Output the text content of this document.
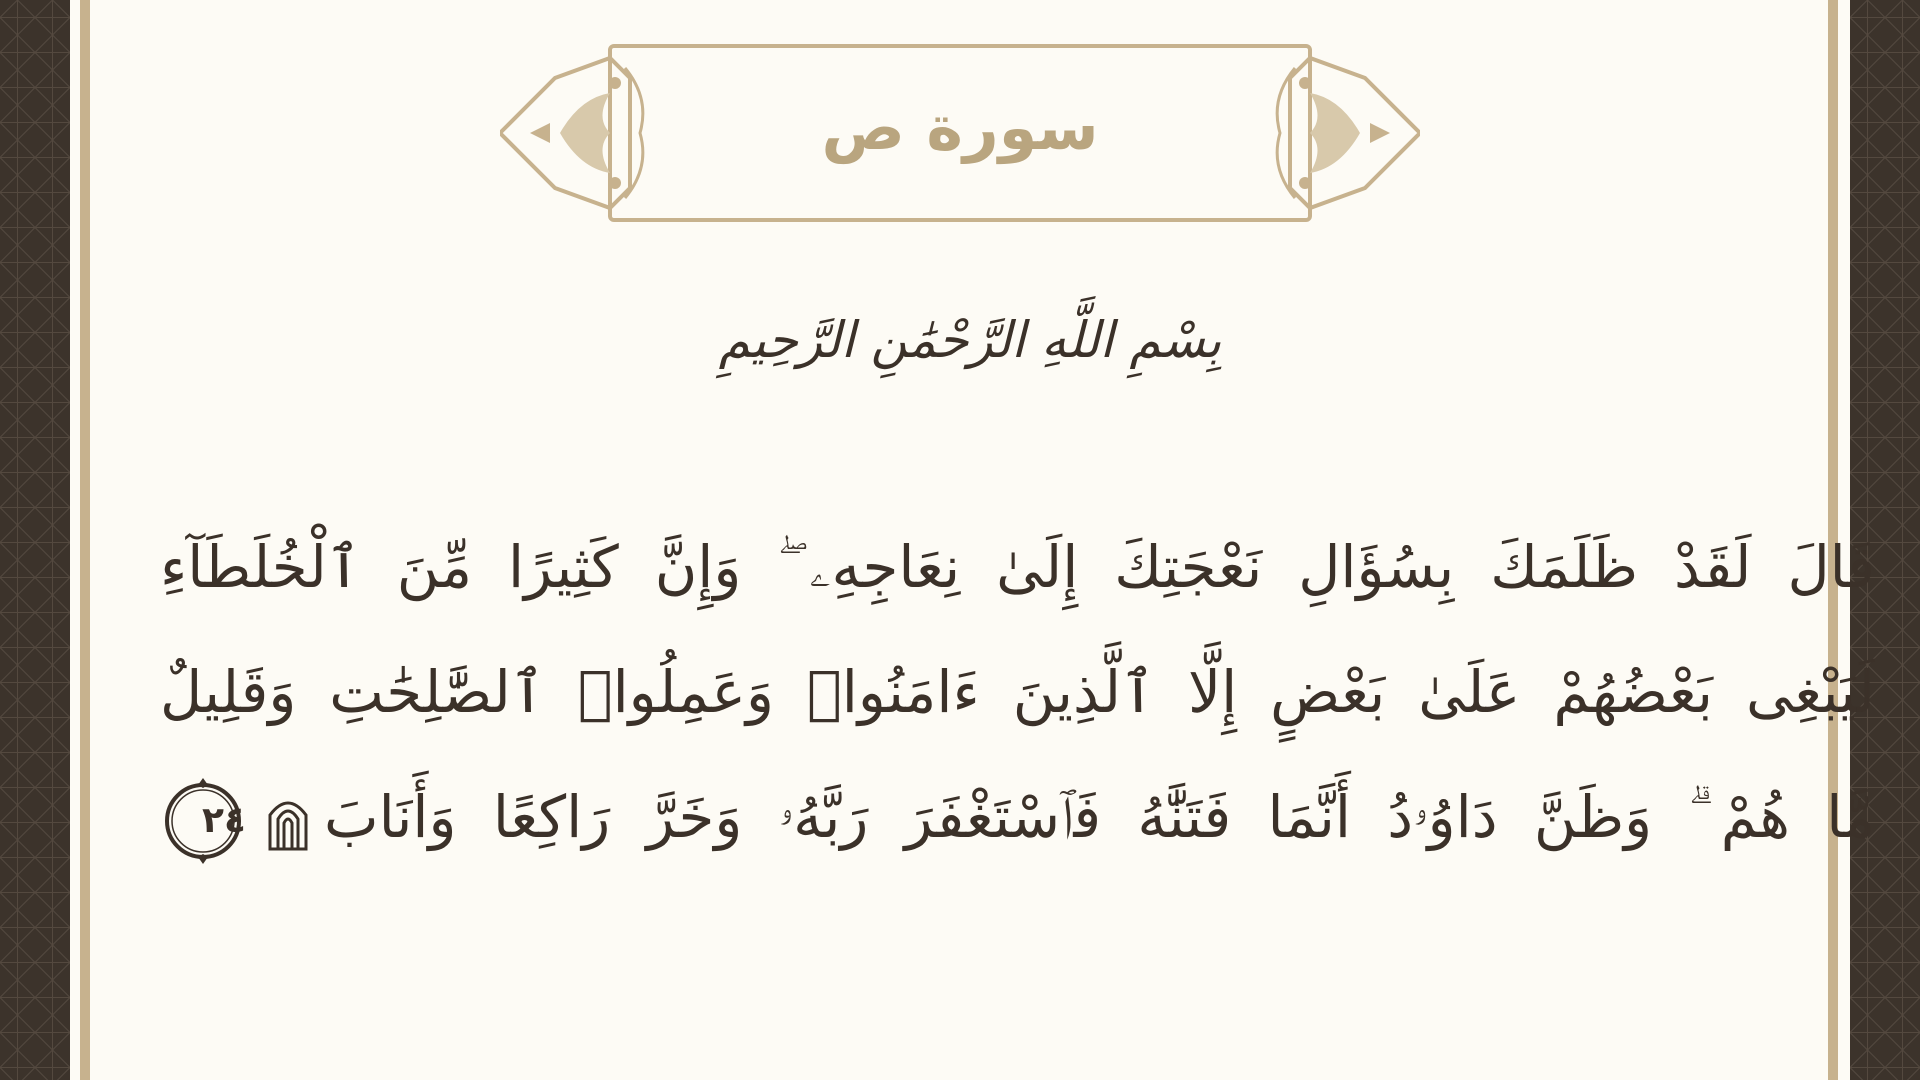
سورة ص
بِسْمِ اللَّهِ الرَّحْمَٰنِ الرَّحِيمِ
قَالَ لَقَدْ ظَلَمَكَ بِسُؤَالِ نَعْجَتِكَ إِلَىٰ نِعَاجِهِۦ ۖ وَإِنَّ كَثِيرًا مِّنَ ٱلْخُلَطَآءِ
لَيَبْغِى بَعْضُهُمْ عَلَىٰ بَعْضٍ إِلَّا ٱلَّذِينَ ءَامَنُوا۟ وَعَمِلُوا۟ ٱلصَّٰلِحَٰتِ وَقَلِيلٌ
مَّا هُمْ ۗ وَظَنَّ دَاوُۥدُ أَنَّمَا فَتَنَّٰهُ فَٱسْتَغْفَرَ رَبَّهُۥ وَخَرَّ رَاكِعًا وَأَنَابَ
٢٤
